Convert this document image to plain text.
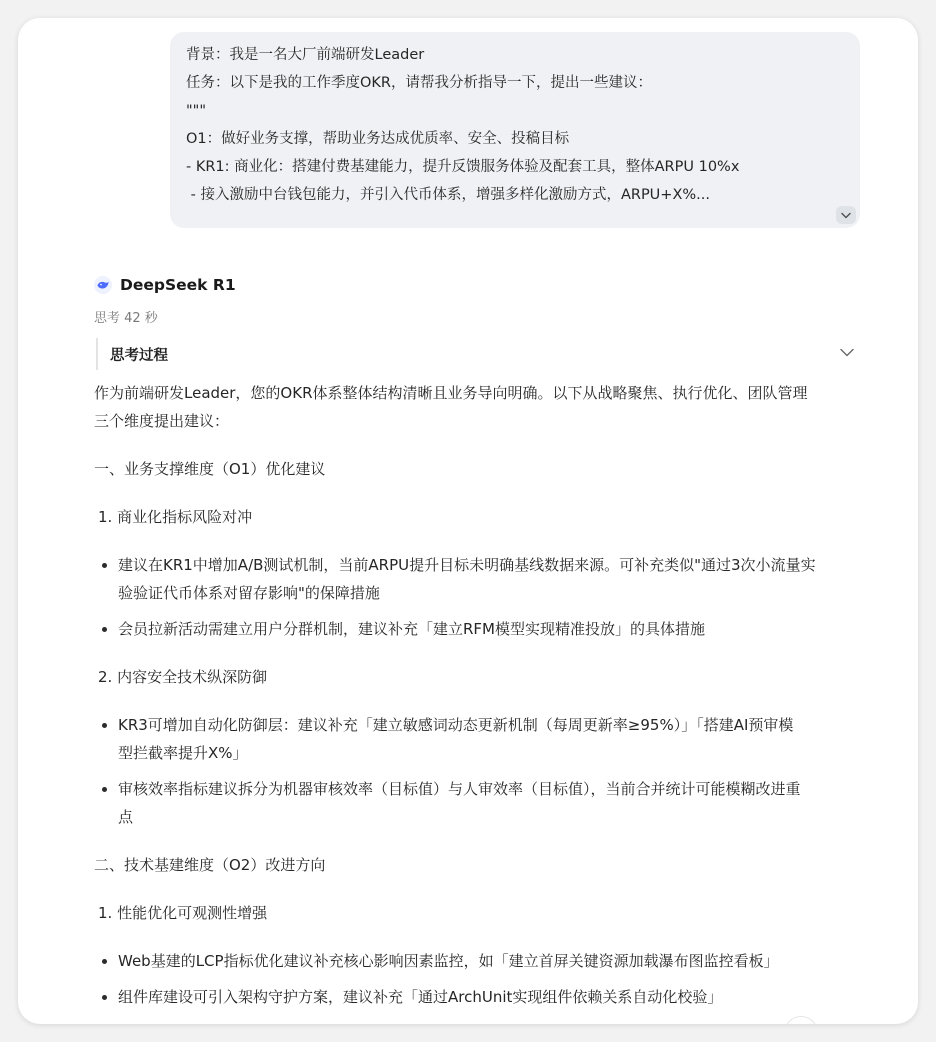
背景：我是一名大厂前端研发Leader
任务：以下是我的工作季度OKR，请帮我分析指导一下，提出一些建议：
"""
O1：做好业务支撑，帮助业务达成优质率、安全、投稿目标
- KR1: 商业化：搭建付费基建能力，提升反馈服务体验及配套工具，整体ARPU 10%x
- 接入激励中台钱包能力，并引入代币体系，增强多样化激励方式，ARPU+X%...
DeepSeek R1
思考 42 秒
思考过程
作为前端研发Leader，您的OKR体系整体结构清晰且业务导向明确。以下从战略聚焦、执行优化、团队管理
三个维度提出建议：
一、业务支撑维度（O1）优化建议
1. 商业化指标风险对冲
建议在KR1中增加A/B测试机制，当前ARPU提升目标未明确基线数据来源。可补充类似"通过3次小流量实
验验证代币体系对留存影响"的保障措施
会员拉新活动需建立用户分群机制，建议补充「建立RFM模型实现精准投放」的具体措施
2. 内容安全技术纵深防御
KR3可增加自动化防御层：建议补充「建立敏感词动态更新机制（每周更新率≥95%）」「搭建AI预审模
型拦截率提升X%」
审核效率指标建议拆分为机器审核效率（目标值）与人审效率（目标值），当前合并统计可能模糊改进重
点
二、技术基建维度（O2）改进方向
1. 性能优化可观测性增强
Web基建的LCP指标优化建议补充核心影响因素监控，如「建立首屏关键资源加载瀑布图监控看板」
组件库建设可引入架构守护方案，建议补充「通过ArchUnit实现组件依赖关系自动化校验」
